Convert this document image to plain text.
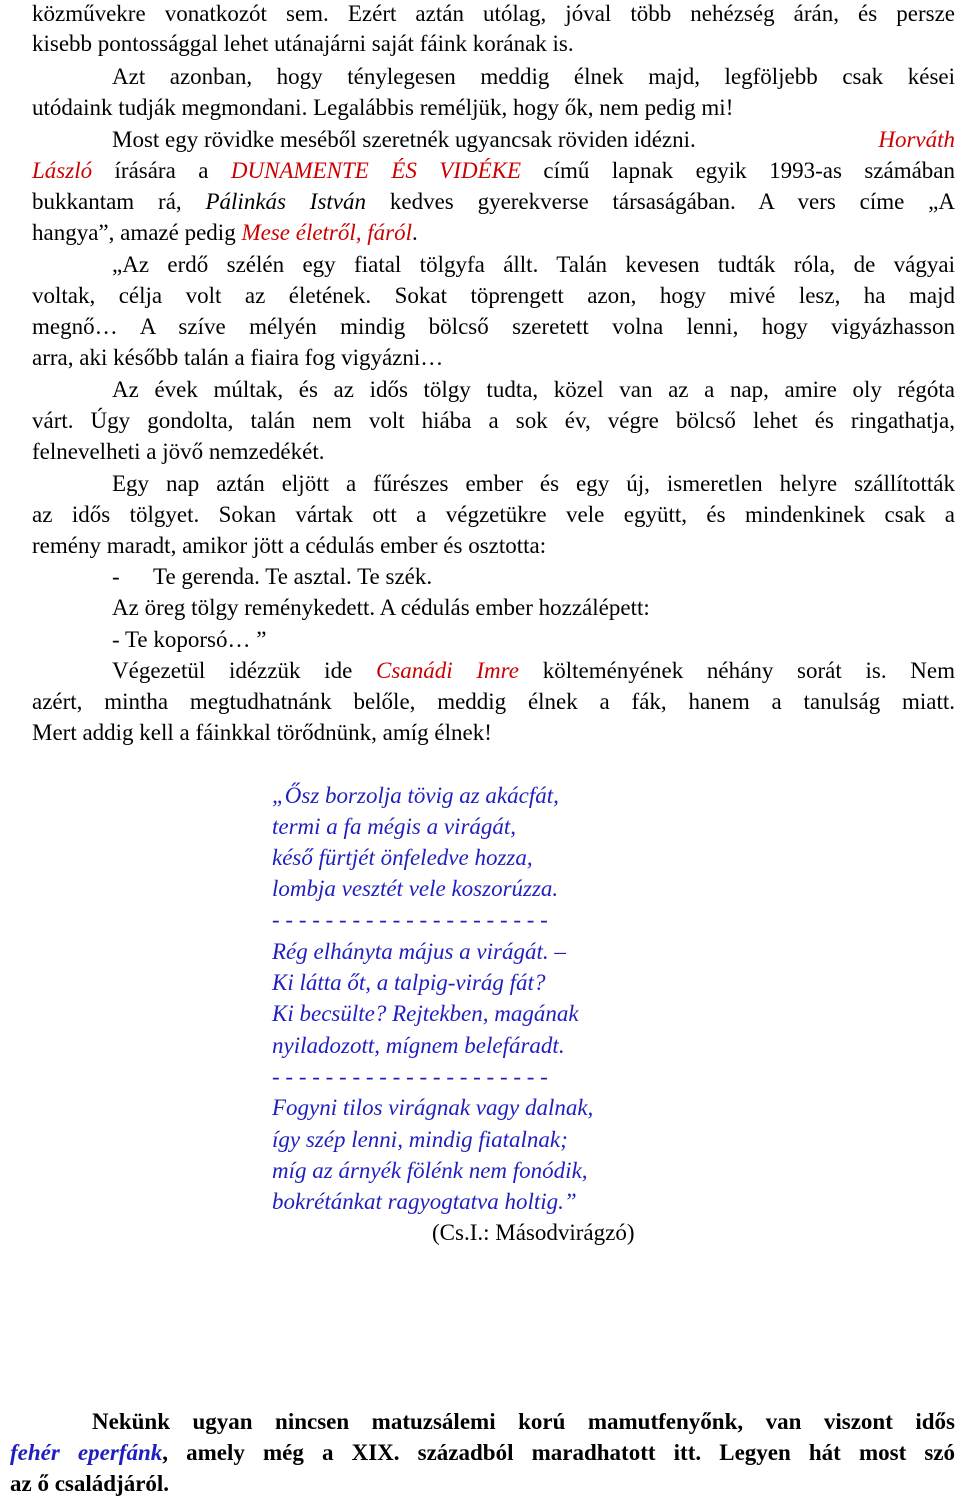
közművekre vonatkozót sem. Ezért aztán utólag, jóval több nehézség árán, és persze
kisebb pontossággal lehet utánajárni saját fáink korának is.
Azt azonban, hogy ténylegesen meddig élnek majd, legföljebb csak kései
utódaink tudják megmondani. Legalábbis reméljük, hogy ők, nem pedig mi!
Most egy rövidke meséből szeretnék ugyancsak röviden idézni.	Horváth
László írására a DUNAMENTE ÉS VIDÉKE című lapnak egyik 1993-as számában
bukkantam rá, Pálinkás István kedves gyerekverse társaságában. A vers címe „A
hangya”, amazé pedig Mese életről, fáról.
„Az erdő szélén egy fiatal tölgyfa állt. Talán kevesen tudták róla, de vágyai
voltak, célja volt az életének. Sokat töprengett azon, hogy mivé lesz, ha majd
megnő… A szíve mélyén mindig bölcső szeretett volna lenni, hogy vigyázhasson
arra, aki később talán a fiaira fog vigyázni…
Az évek múltak, és az idős tölgy tudta, közel van az a nap, amire oly régóta
várt. Úgy gondolta, talán nem volt hiába a sok év, végre bölcső lehet és ringathatja,
felnevelheti a jövő nemzedékét.
Egy nap aztán eljött a fűrészes ember és egy új, ismeretlen helyre szállították
az idős tölgyet. Sokan vártak ott a végzetükre vele együtt, és mindenkinek csak a
remény maradt, amikor jött a cédulás ember és osztotta:
- Te gerenda. Te asztal. Te szék.
Az öreg tölgy reménykedett. A cédulás ember hozzálépett:
- Te koporsó… ”
Végezetül idézzük ide Csanádi Imre költeményének néhány sorát is. Nem
azért, mintha megtudhatnánk belőle, meddig élnek a fák, hanem a tanulság miatt.
Mert addig kell a fáinkkal törődnünk, amíg élnek!
„Ősz borzolja tövig az akácfát,
termi a fa mégis a virágát,
késő fürtjét önfeledve hozza,
lombja vesztét vele koszorúzza.
- - - - - - - - - - - - - - - - - - - - -
Rég elhányta május a virágát. –
Ki látta őt, a talpig-virág fát?
Ki becsülte? Rejtekben, magának
nyiladozott, mígnem belefáradt.
- - - - - - - - - - - - - - - - - - - - -
Fogyni tilos virágnak vagy dalnak,
így szép lenni, mindig fiatalnak;
míg az árnyék fölénk nem fonódik,
bokrétánkat ragyogtatva holtig.”
(Cs.I.: Másodvirágzó)
Nekünk ugyan nincsen matuzsálemi korú mamutfenyőnk, van viszont idős
fehér eperfánk, amely még a XIX. századból maradhatott itt. Legyen hát most szó
az ő családjáról.
